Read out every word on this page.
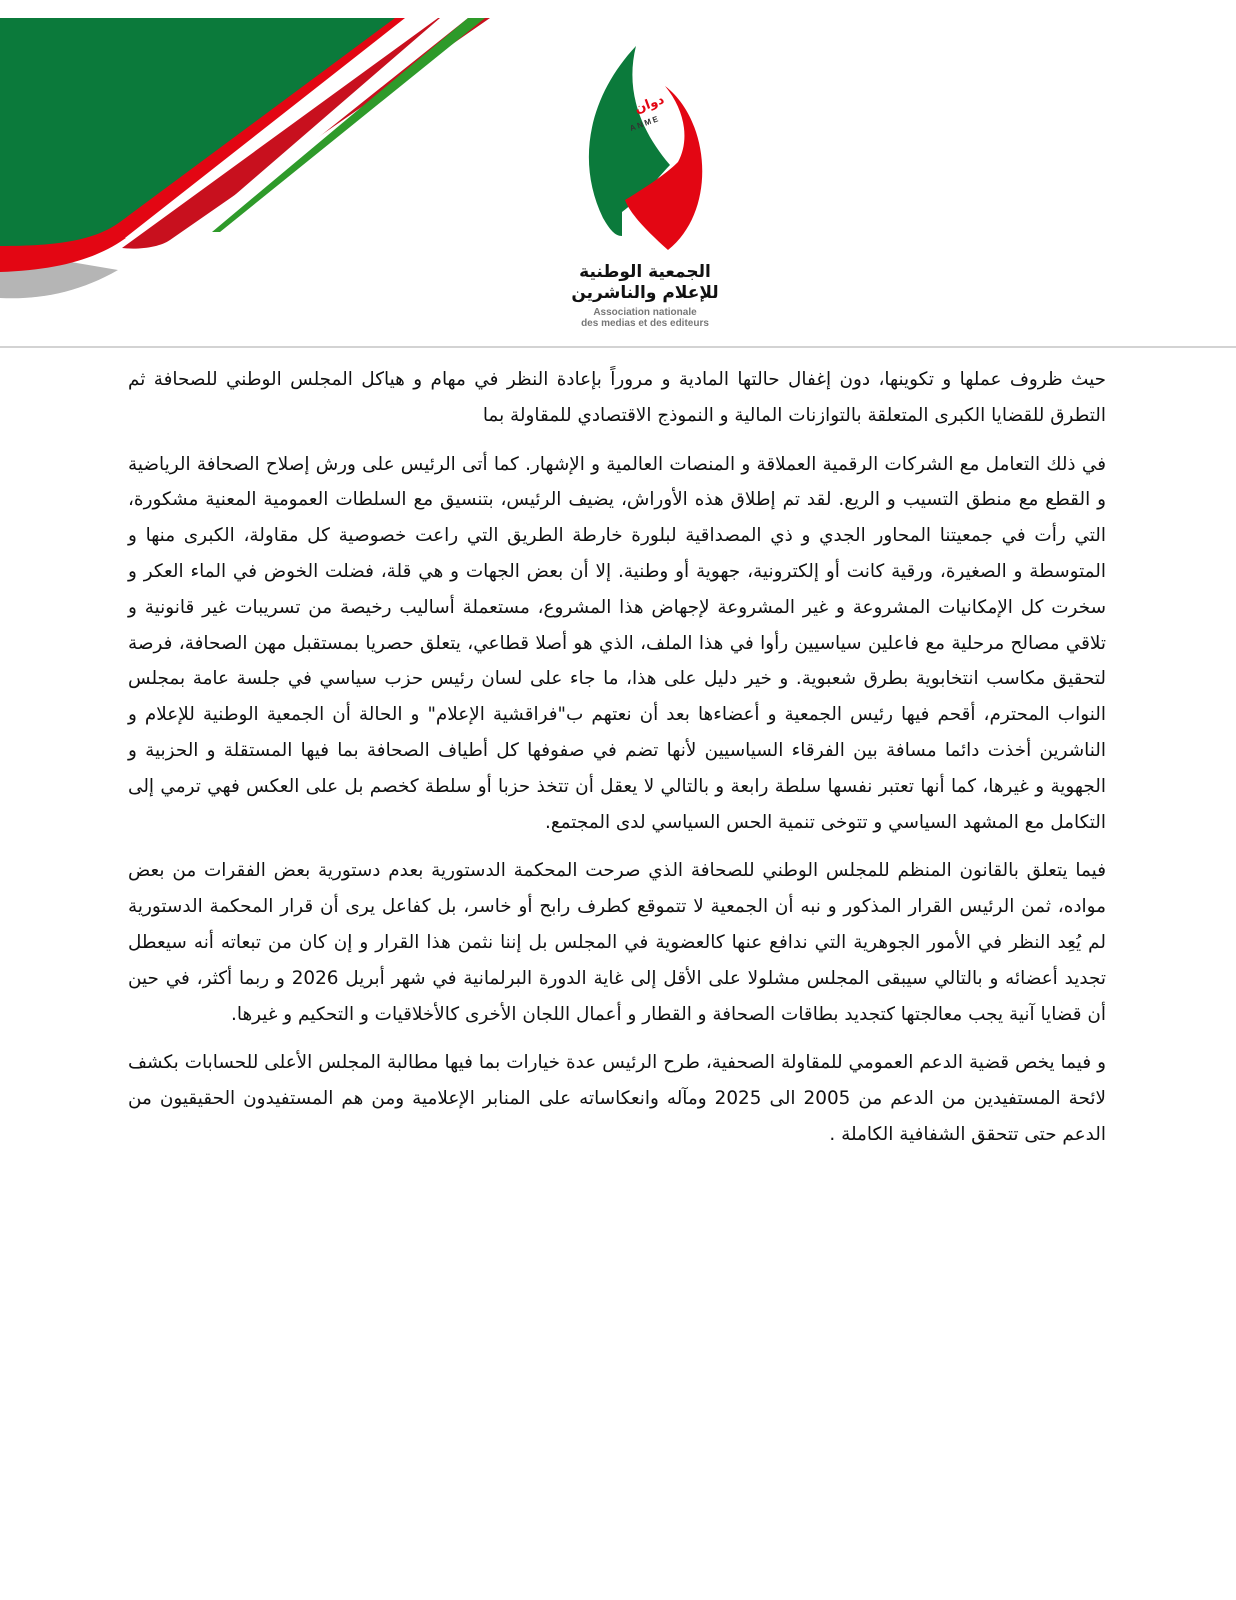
دوان
ANME
الجمعية الوطنية
للإعلام والناشرين
Association nationale
des medias et des editeurs

حيث ظروف عملها و تكوينها، دون إغفال حالتها المادية و مروراً بإعادة النظر في مهام و هياكل المجلس الوطني للصحافة ثم التطرق للقضايا الكبرى المتعلقة بالتوازنات المالية و النموذج الاقتصادي للمقاولة بما

في ذلك التعامل مع الشركات الرقمية العملاقة و المنصات العالمية و الإشهار. كما أتى الرئيس على ورش إصلاح الصحافة الرياضية و القطع مع منطق التسيب و الريع. لقد تم إطلاق هذه الأوراش، يضيف الرئيس، بتنسيق مع السلطات العمومية المعنية مشكورة، التي رأت في جمعيتنا المحاور الجدي و ذي المصداقية لبلورة خارطة الطريق التي راعت خصوصية كل مقاولة، الكبرى منها و المتوسطة و الصغيرة، ورقية كانت أو إلكترونية، جهوية أو وطنية. إلا أن بعض الجهات و هي قلة، فضلت الخوض في الماء العكر و سخرت كل الإمكانيات المشروعة و غير المشروعة لإجهاض هذا المشروع، مستعملة أساليب رخيصة من تسريبات غير قانونية و تلاقي مصالح مرحلية مع فاعلين سياسيين رأوا في هذا الملف، الذي هو أصلا قطاعي، يتعلق حصريا بمستقبل مهن الصحافة، فرصة لتحقيق مكاسب انتخابوية بطرق شعبوية. و خير دليل على هذا، ما جاء على لسان رئيس حزب سياسي في جلسة عامة بمجلس النواب المحترم، أقحم فيها رئيس الجمعية و أعضاءها بعد أن نعتهم ب"فراقشية الإعلام" و الحالة أن الجمعية الوطنية للإعلام و الناشرين أخذت دائما مسافة بين الفرقاء السياسيين لأنها تضم في صفوفها كل أطياف الصحافة بما فيها المستقلة و الحزبية و الجهوية و غيرها، كما أنها تعتبر نفسها سلطة رابعة و بالتالي لا يعقل أن تتخذ حزبا أو سلطة كخصم بل على العكس فهي ترمي إلى التكامل مع المشهد السياسي و تتوخى تنمية الحس السياسي لدى المجتمع.

فيما يتعلق بالقانون المنظم للمجلس الوطني للصحافة الذي صرحت المحكمة الدستورية بعدم دستورية بعض الفقرات من بعض مواده، ثمن الرئيس القرار المذكور و نبه أن الجمعية لا تتموقع كطرف رابح أو خاسر، بل كفاعل يرى أن قرار المحكمة الدستورية لم يُعِد النظر في الأمور الجوهرية التي ندافع عنها كالعضوية في المجلس بل إننا نثمن هذا القرار و إن كان من تبعاته أنه سيعطل تجديد أعضائه و بالتالي سيبقى المجلس مشلولا على الأقل إلى غاية الدورة البرلمانية في شهر أبريل 2026 و ربما أكثر، في حين أن قضايا آنية يجب معالجتها كتجديد بطاقات الصحافة و القطار و أعمال اللجان الأخرى كالأخلاقيات و التحكيم و غيرها.

و فيما يخص قضية الدعم العمومي للمقاولة الصحفية، طرح الرئيس عدة خيارات بما فيها مطالبة المجلس الأعلى للحسابات بكشف لائحة المستفيدين من الدعم من 2005 الى 2025 ومآله وانعكاساته على المنابر الإعلامية ومن هم المستفيدون الحقيقيون من الدعم حتى تتحقق الشفافية الكاملة .
